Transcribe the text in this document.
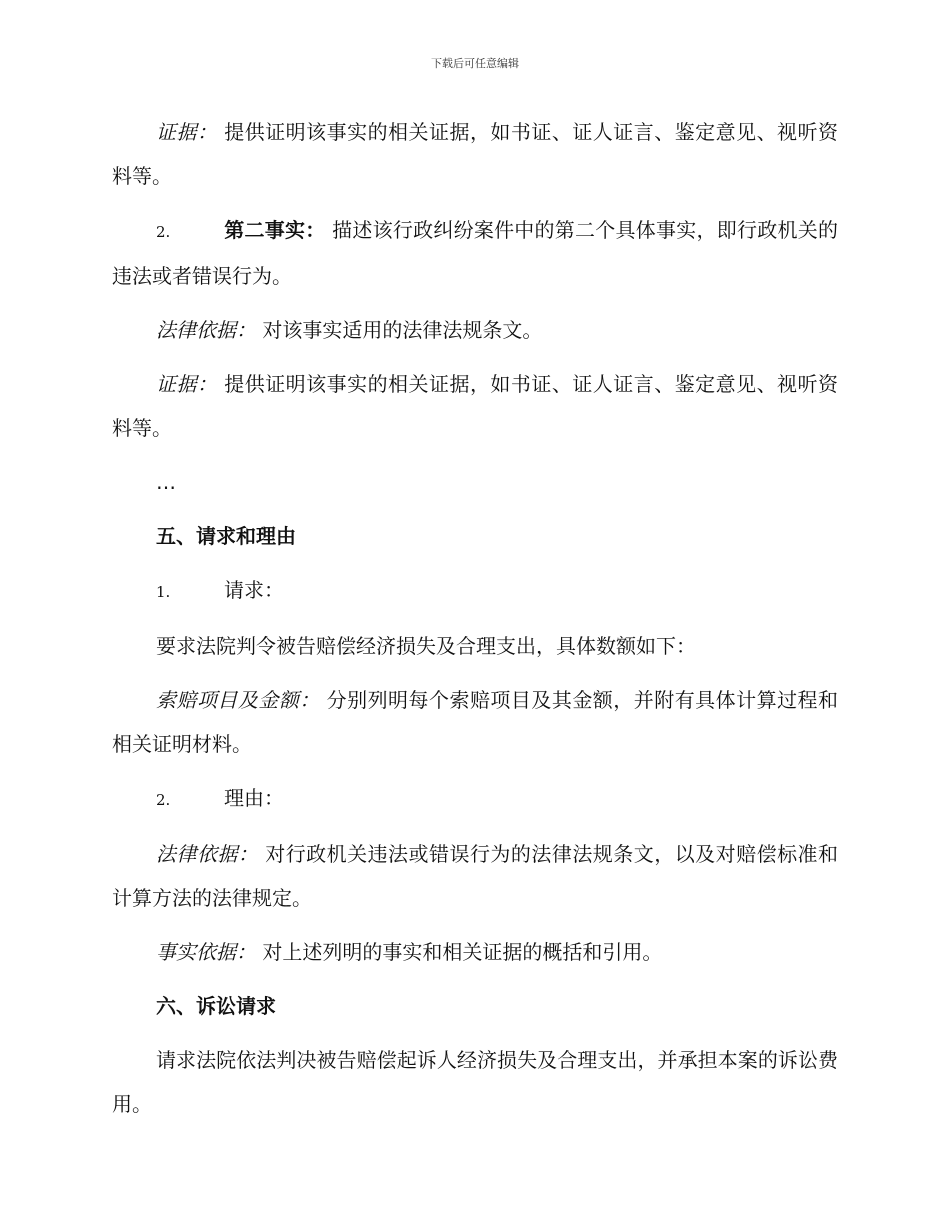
下载后可任意编辑

证据： 提供证明该事实的相关证据，如书证、证人证言、鉴定意见、视听资料等。

2.	第二事实： 描述该行政纠纷案件中的第二个具体事实，即行政机关的违法或者错误行为。

法律依据： 对该事实适用的法律法规条文。

证据： 提供证明该事实的相关证据，如书证、证人证言、鉴定意见、视听资料等。

…

五、请求和理由

1.	请求：

要求法院判令被告赔偿经济损失及合理支出，具体数额如下：

索赔项目及金额： 分别列明每个索赔项目及其金额，并附有具体计算过程和相关证明材料。

2.	理由：

法律依据： 对行政机关违法或错误行为的法律法规条文，以及对赔偿标准和计算方法的法律规定。

事实依据： 对上述列明的事实和相关证据的概括和引用。

六、诉讼请求

请求法院依法判决被告赔偿起诉人经济损失及合理支出，并承担本案的诉讼费用。
